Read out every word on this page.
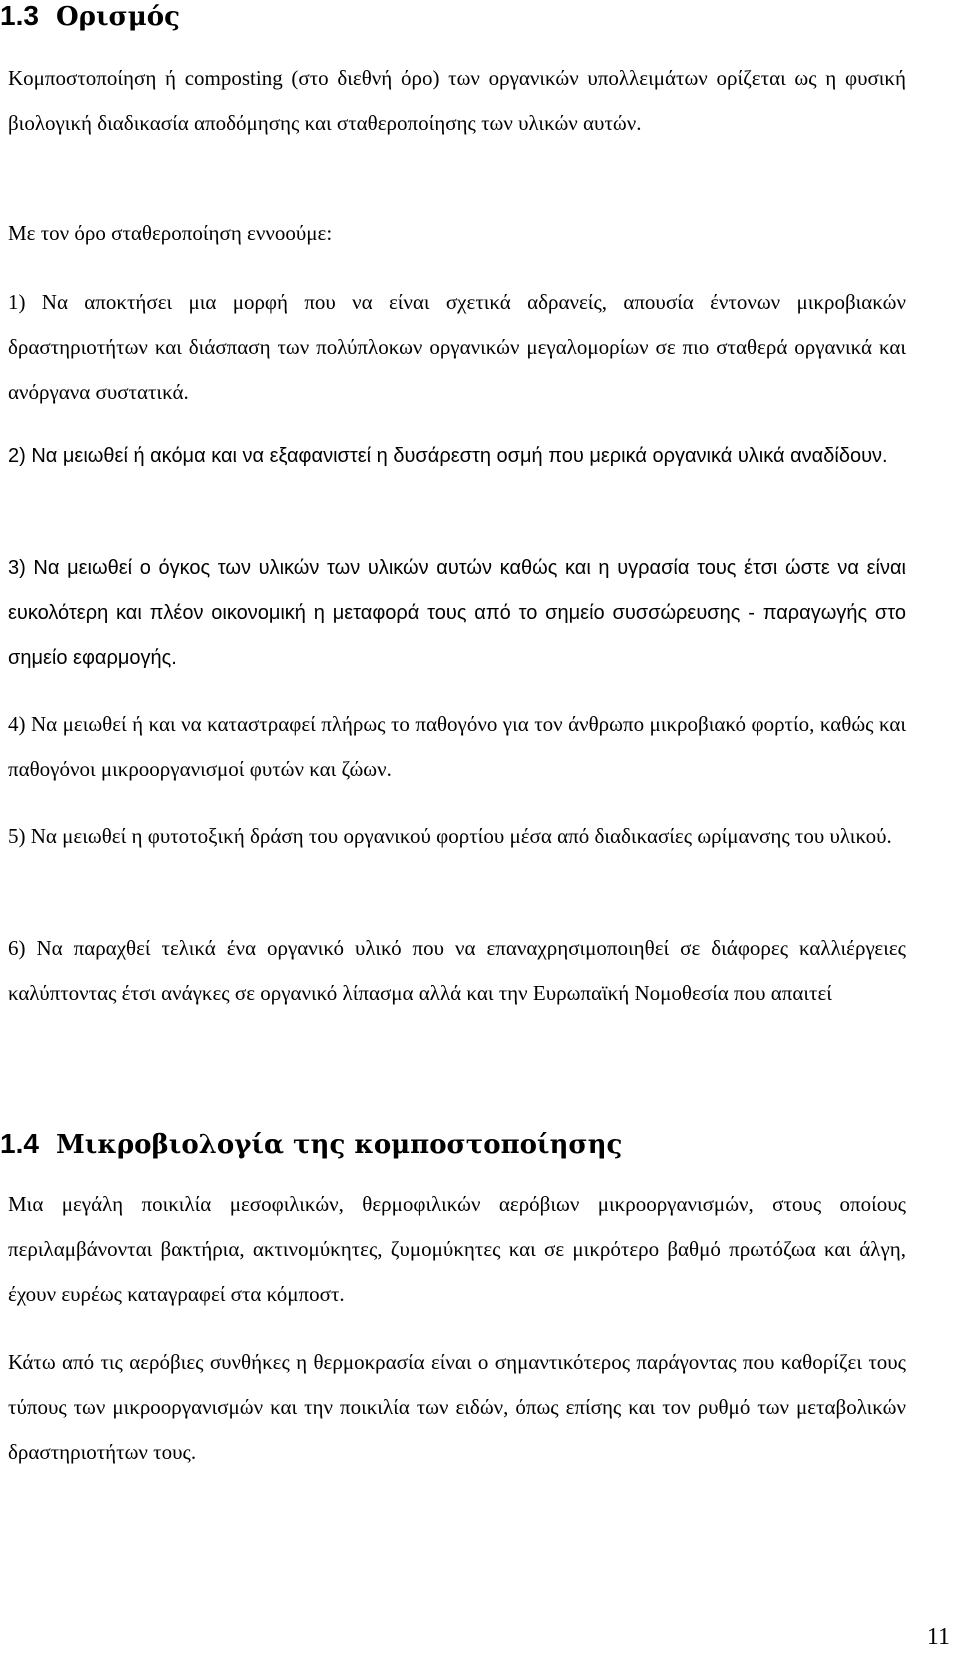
1.3 Ορισμός

Κομποστοποίηση ή composting (στο διεθνή όρο) των οργανικών υπολλειμάτων ορίζεται ως η φυσική βιολογική διαδικασία αποδόμησης και σταθεροποίησης των υλικών αυτών.

Με τον όρο σταθεροποίηση εννοούμε:

1) Να αποκτήσει μια μορφή που να είναι σχετικά αδρανείς, απουσία έντονων μικροβιακών δραστηριοτήτων και διάσπαση των πολύπλοκων οργανικών μεγαλομορίων σε πιο σταθερά οργανικά και ανόργανα συστατικά.

2) Να μειωθεί ή ακόμα και να εξαφανιστεί η δυσάρεστη οσμή που μερικά οργανικά υλικά αναδίδουν.

3) Να μειωθεί ο όγκος των υλικών των υλικών αυτών καθώς και η υγρασία τους έτσι ώστε να είναι ευκολότερη και πλέον οικονομική η μεταφορά τους από το σημείο συσσώρευσης - παραγωγής στο σημείο εφαρμογής.

4) Να μειωθεί ή και να καταστραφεί πλήρως το παθογόνο για τον άνθρωπο μικροβιακό φορτίο, καθώς και παθογόνοι μικροοργανισμοί φυτών και ζώων.

5) Να μειωθεί η φυτοτοξική δράση του οργανικού φορτίου μέσα από διαδικασίες ωρίμανσης του υλικού.

6) Να παραχθεί τελικά ένα οργανικό υλικό που να επαναχρησιμοποιηθεί σε διάφορες καλλιέργειες καλύπτοντας έτσι ανάγκες σε οργανικό λίπασμα αλλά και την Ευρωπαϊκή Νομοθεσία που απαιτεί

1.4 Μικροβιολογία της κομποστοποίησης

Μια μεγάλη ποικιλία μεσοφιλικών, θερμοφιλικών αερόβιων μικροοργανισμών, στους οποίους περιλαμβάνονται βακτήρια, ακτινομύκητες, ζυμομύκητες και σε μικρότερο βαθμό πρωτόζωα και άλγη, έχουν ευρέως καταγραφεί στα κόμποστ.

Κάτω από τις αερόβιες συνθήκες η θερμοκρασία είναι ο σημαντικότερος παράγοντας που καθορίζει τους τύπους των μικροοργανισμών και την ποικιλία των ειδών, όπως επίσης και τον ρυθμό των μεταβολικών δραστηριοτήτων τους.

11
